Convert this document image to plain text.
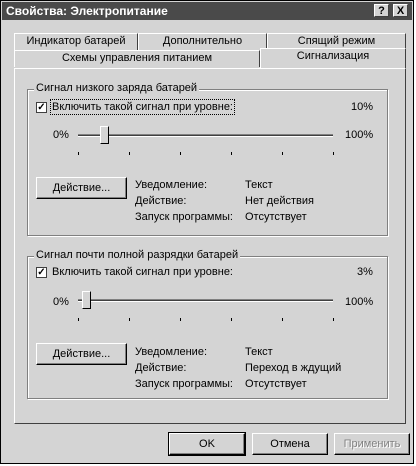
Свойства: Электропитание	?	X
Индикатор батарей	Дополнительно	Спящий режим
Схемы управления питанием	Сигнализация
Сигнал низкого заряда батарей
✓ Включить такой сигнал при уровне:	10%
0%	100%
Действие...	Уведомление:	Текст
Действие:	Нет действия
Запуск программы: Отсутствует
Сигнал почти полной разрядки батарей
✓ Включить такой сигнал при уровне:	3%
0%	100%
Действие...	Уведомление:	Текст
Действие:	Переход в ждущий
Запуск программы: Отсутствует
OK	Отмена	Применить
